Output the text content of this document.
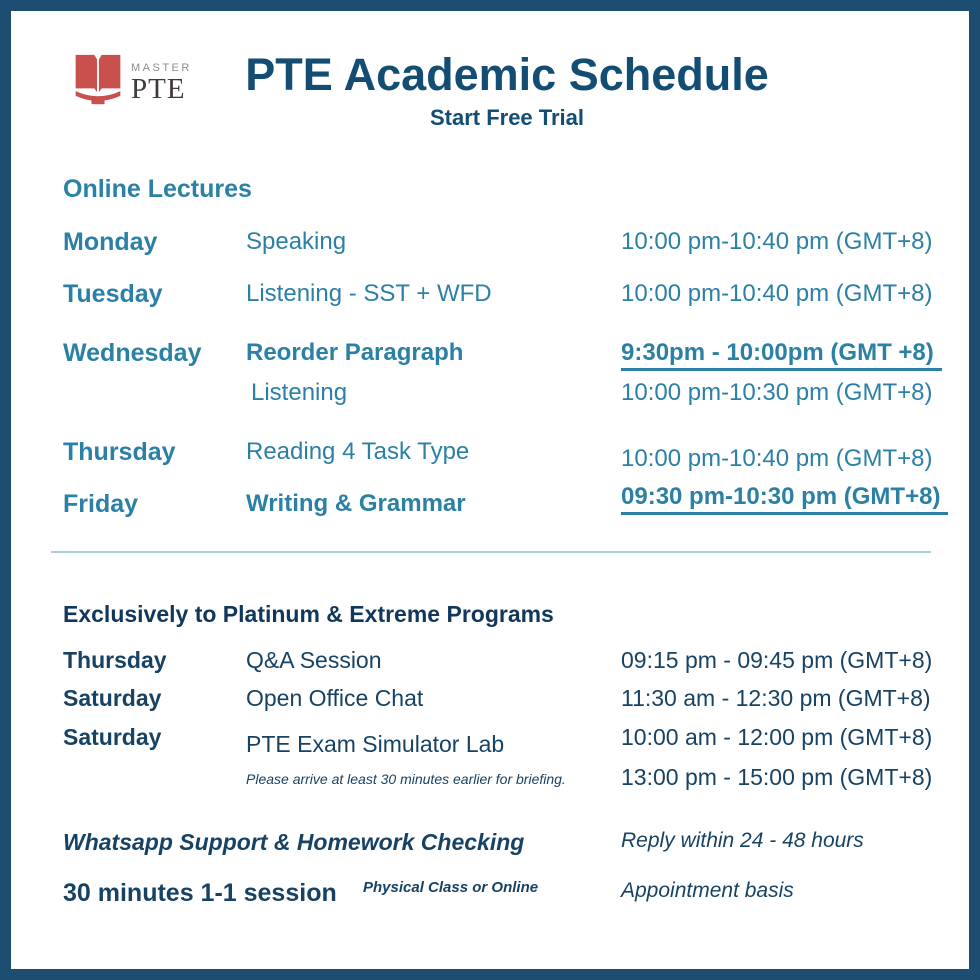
MASTER
PTE	PTE Academic Schedule
Start Free Trial
Online Lectures
Monday	Speaking	10:00 pm-10:40 pm (GMT+8)
Tuesday	Listening - SST + WFD	10:00 pm-10:40 pm (GMT+8)
Wednesday Reorder Paragraph	9:30pm - 10:00pm (GMT +8)
Listening	10:00 pm-10:30 pm (GMT+8)
Thursday	Reading 4 Task Type	10:00 pm-10:40 pm (GMT+8)
Friday	Writing & Grammar	09:30 pm-10:30 pm (GMT+8)
Exclusively to Platinum & Extreme Programs
Thursday	Q&A Session	09:15 pm - 09:45 pm (GMT+8)
Saturday	Open Office Chat	11:30 am - 12:30 pm (GMT+8)
Saturday	PTE Exam Simulator Lab	10:00 am - 12:00 pm (GMT+8)
Please arrive at least 30 minutes earlier for briefing. 13:00 pm - 15:00 pm (GMT+8)
Whatsapp Support & Homework Checking	Reply within 24 - 48 hours
30 minutes 1-1 session Physical Class or Online	Appointment basis
